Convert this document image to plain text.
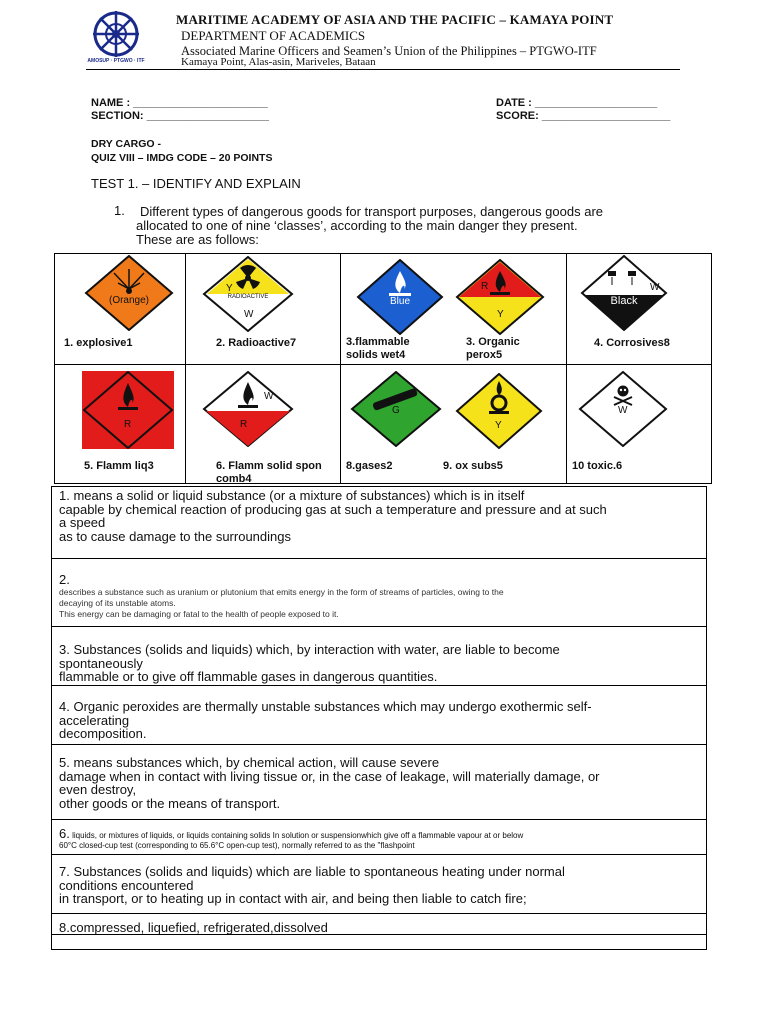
AMOSUP · PTGWO · ITF
MARITIME ACADEMY OF ASIA AND THE PACIFIC – KAMAYA POINT
DEPARTMENT OF ACADEMICS
Associated Marine Officers and Seamen’s Union of the Philippines – PTGWO-ITF
Kamaya Point, Alas-asin, Mariveles, Bataan
NAME : ______________________
SECTION: ____________________
DATE : ____________________
SCORE: _____________________
DRY CARGO -
QUIZ VIII – IMDG CODE – 20 POINTS
TEST 1. – IDENTIFY AND EXPLAIN
1. Different types of dangerous goods for transport purposes, dangerous goods are
allocated to one of nine ‘classes’, according to the main danger they present.
These are as follows:
(Orange)
1. explosive1
Y
RADIOACTIVE
W
2. Radioactive7
Blue
3.flammable solids wet4
R
Y
3. Organic perox5
W
Black
4. Corrosives8
R
5. Flamm liq3
W
R
6. Flamm solid spon comb4
G
8.gases2
Y
9. ox subs5
W
10 toxic.6
1. means a solid or liquid substance (or a mixture of substances) which is in itself
capable by chemical reaction of producing gas at such a temperature and pressure and at such
a speed
as to cause damage to the surroundings
2.
describes a substance such as uranium or plutonium that emits energy in the form of streams of particles, owing to the
decaying of its unstable atoms.
This energy can be damaging or fatal to the health of people exposed to it.
3. Substances (solids and liquids) which, by interaction with water, are liable to become
spontaneously
flammable or to give off flammable gases in dangerous quantities.
4. Organic peroxides are thermally unstable substances which may undergo exothermic self-
accelerating
decomposition.
5. means substances which, by chemical action, will cause severe
damage when in contact with living tissue or, in the case of leakage, will materially damage, or
even destroy,
other goods or the means of transport.
6. liquids, or mixtures of liquids, or liquids containing solids In solution or suspensionwhich give off a flammable vapour at or below
60°C closed-cup test (corresponding to 65.6°C open-cup test), normally referred to as the "flashpoint
7. Substances (solids and liquids) which are liable to spontaneous heating under normal
conditions encountered
in transport, or to heating up in contact with air, and being then liable to catch fire;
8.compressed, liquefied, refrigerated,dissolved
